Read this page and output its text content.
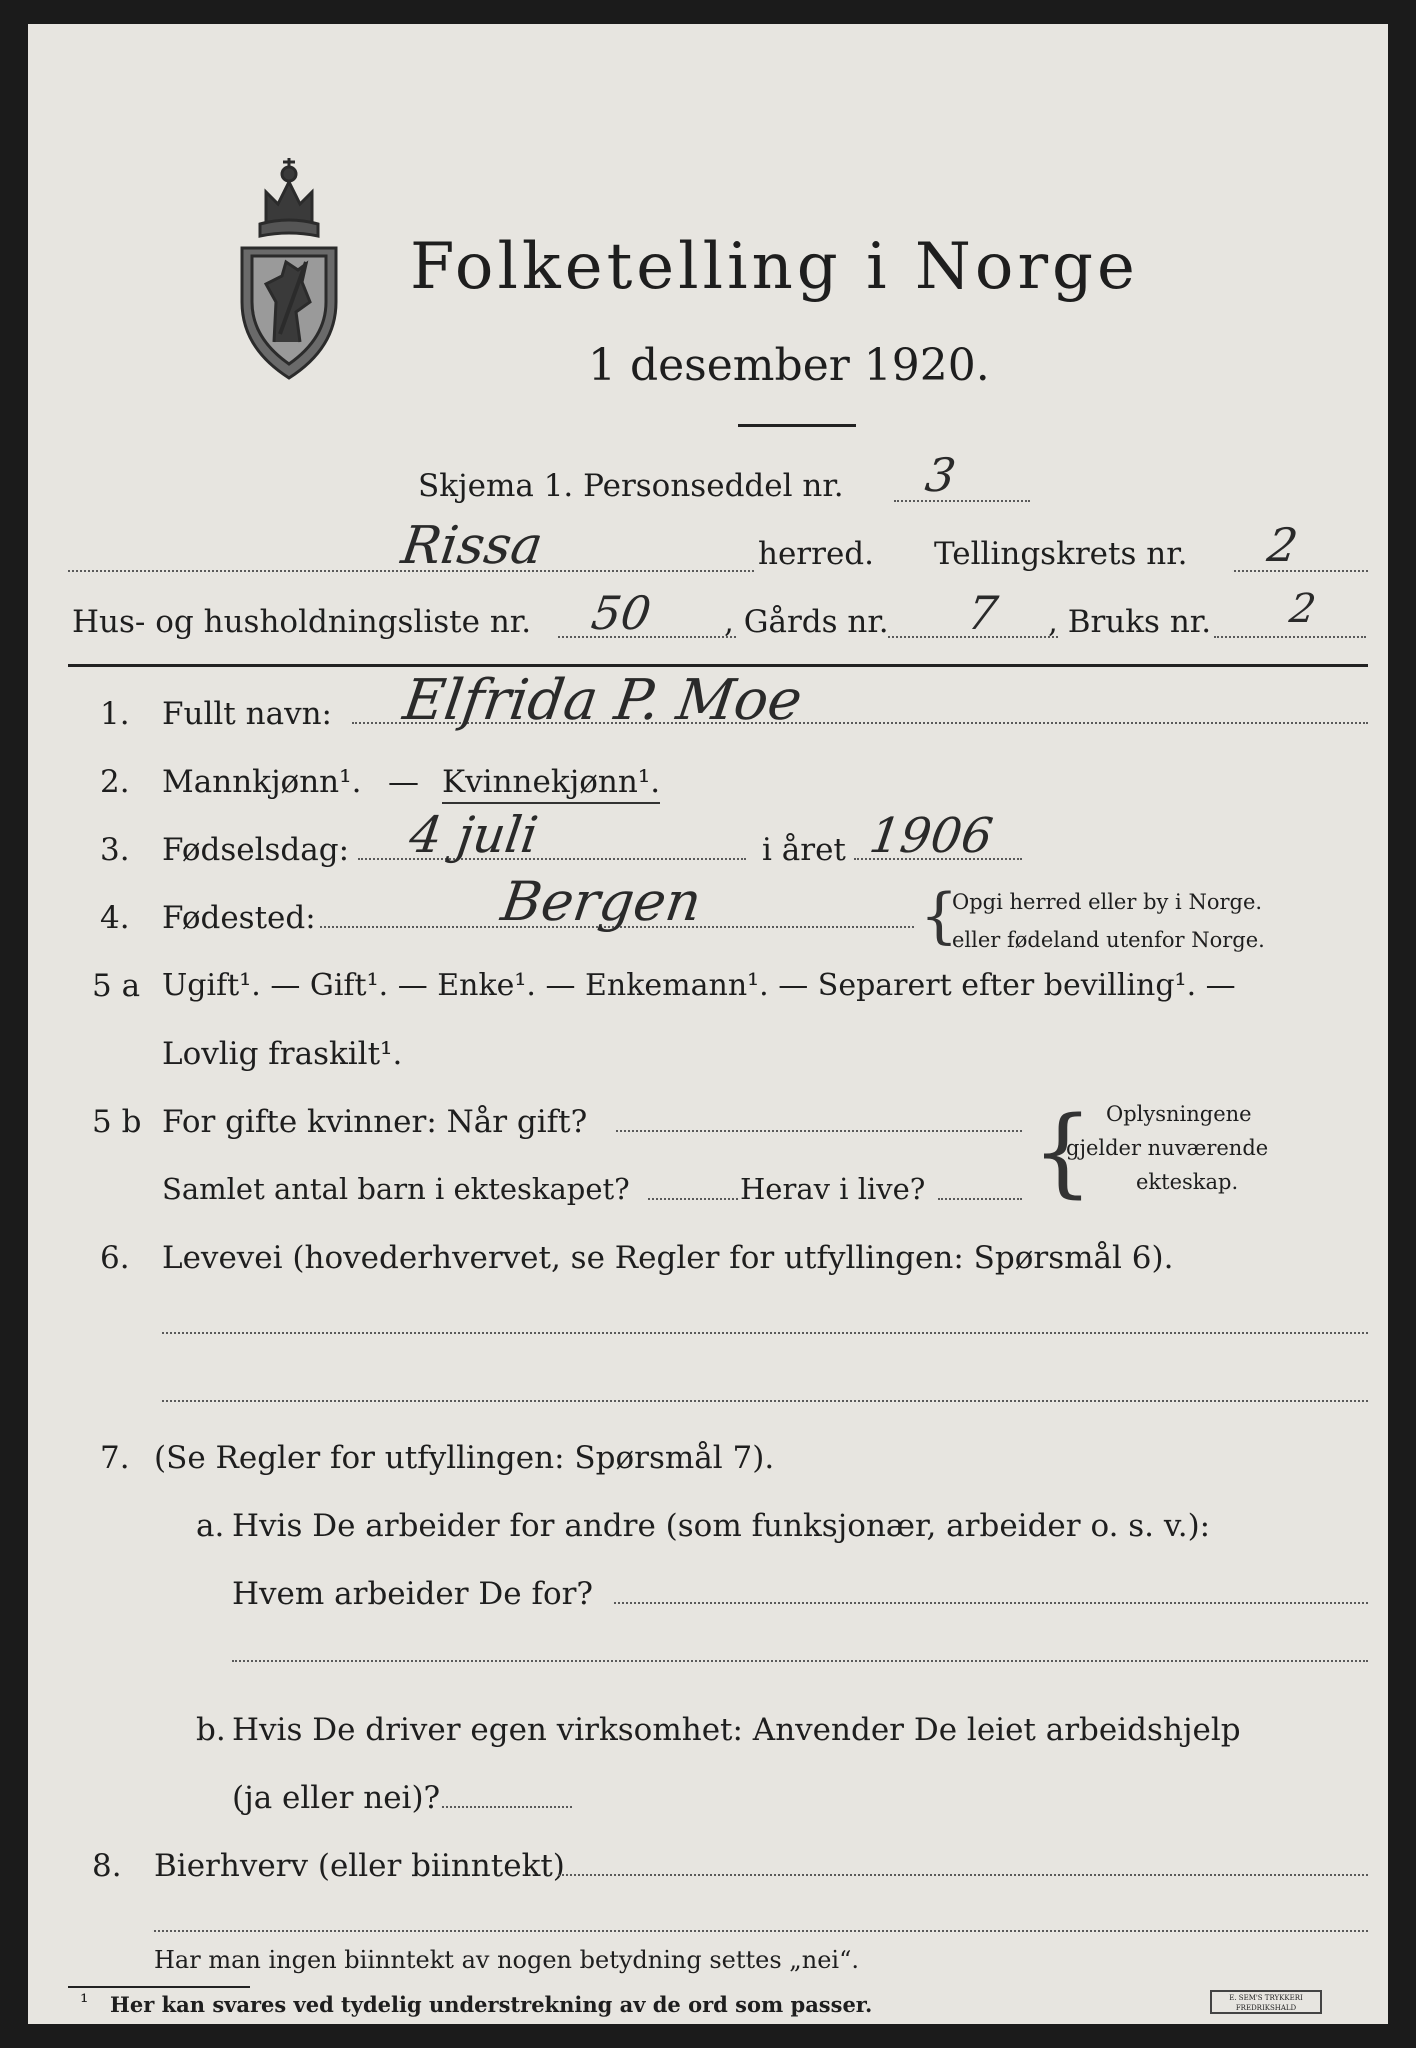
Folketelling i Norge
1 desember 1920.
Skjema 1. Personseddel nr. 3
Rissa	herred. Tellingskrets nr. 2
Hus- og husholdningsliste nr. 50 , Gårds nr. 7 , Bruks nr. 2
1. Fullt navn: Elfrida P. Moe
2. Mannkjønn¹. — Kvinnekjønn¹.
3. Fødselsdag: 4 juli	i året 1906
4. Fødested:	Bergen	{
Opgi herred eller by i Norge.
eller fødeland utenfor Norge.
5 a Ugift¹. — Gift¹. — Enke¹. — Enkemann¹. — Separert efter bevilling¹. —
Lovlig fraskilt¹.
5 b For gifte kvinner: Når gift?
Samlet antal barn i ekteskapet?	Herav i live? { Oplysningene
gjelder nuværende
ekteskap.
6. Levevei (hovederhvervet, se Regler for utfyllingen: Spørsmål 6).
7. (Se Regler for utfyllingen: Spørsmål 7).
a. Hvis De arbeider for andre (som funksjonær, arbeider o. s. v.):
Hvem arbeider De for?
b. Hvis De driver egen virksomhet: Anvender De leiet arbeidshjelp
(ja eller nei)?
8. Bierhverv (eller biinntekt)
Har man ingen biinntekt av nogen betydning settes „nei“.
¹ Her kan svares ved tydelig understrekning av de ord som passer.	E. SEM'S TRYKKERI FREDRIKSHALD
